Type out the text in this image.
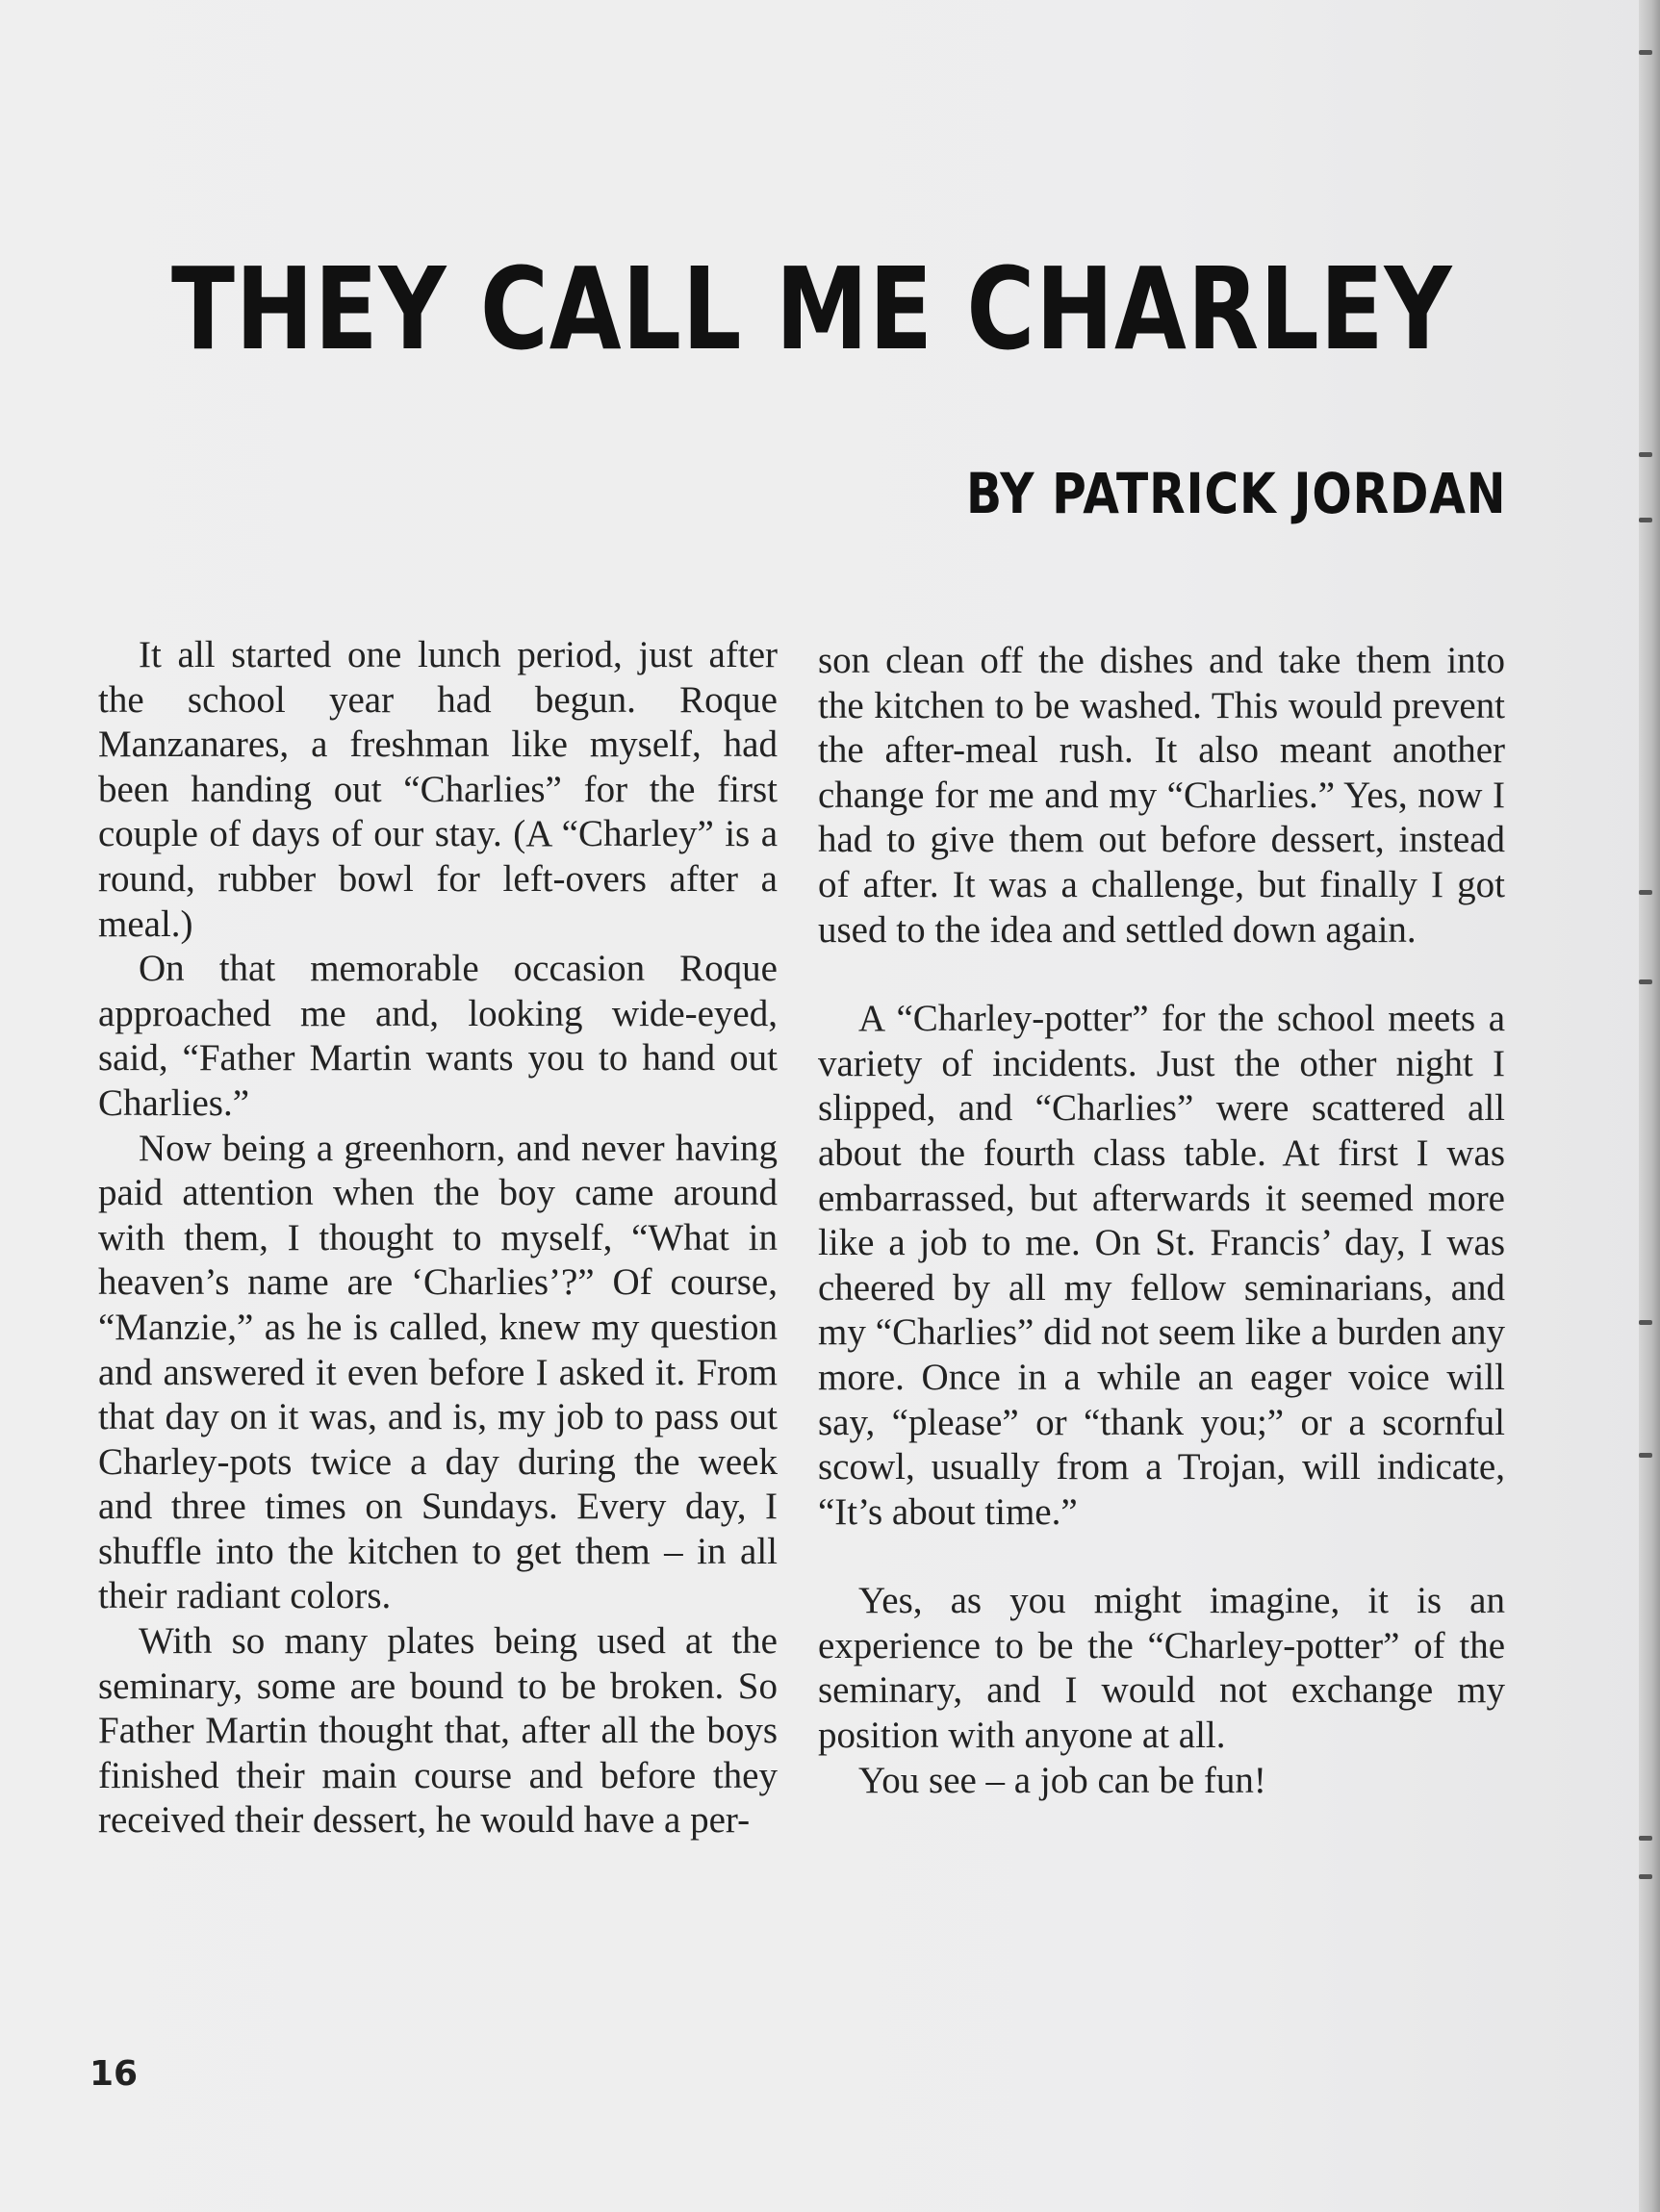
THEY CALL ME CHARLEY
BY PATRICK JORDAN

It all started one lunch period, just after the school year had begun. Roque Manzanares, a freshman like myself, had been handing out “Charlies” for the first couple of days of our stay. (A “Charley” is a round, rubber bowl for left-overs after a meal.)

On that memorable occasion Roque approached me and, looking wide-eyed, said, “Father Martin wants you to hand out Charlies.”

Now being a greenhorn, and never having paid attention when the boy came around with them, I thought to myself, “What in heaven’s name are ‘Charlies’?” Of course, “Manzie,” as he is called, knew my question and answered it even before I asked it. From that day on it was, and is, my job to pass out Charley-pots twice a day during the week and three times on Sundays. Every day, I shuffle into the kitchen to get them – in all their radiant colors.

With so many plates being used at the seminary, some are bound to be broken. So Father Martin thought that, after all the boys finished their main course and before they received their dessert, he would have a per-

son clean off the dishes and take them into the kitchen to be washed. This would prevent the after-meal rush. It also meant another change for me and my “Charlies.” Yes, now I had to give them out before dessert, instead of after. It was a challenge, but finally I got used to the idea and settled down again.

A “Charley-potter” for the school meets a variety of incidents. Just the other night I slipped, and “Charlies” were scattered all about the fourth class table. At first I was embarrassed, but afterwards it seemed more like a job to me. On St. Francis’ day, I was cheered by all my fellow seminarians, and my “Charlies” did not seem like a burden any more. Once in a while an eager voice will say, “please” or “thank you;” or a scornful scowl, usually from a Trojan, will indicate, “It’s about time.”

Yes, as you might imagine, it is an experience to be the “Charley-potter” of the seminary, and I would not exchange my position with anyone at all.

You see – a job can be fun!

16
